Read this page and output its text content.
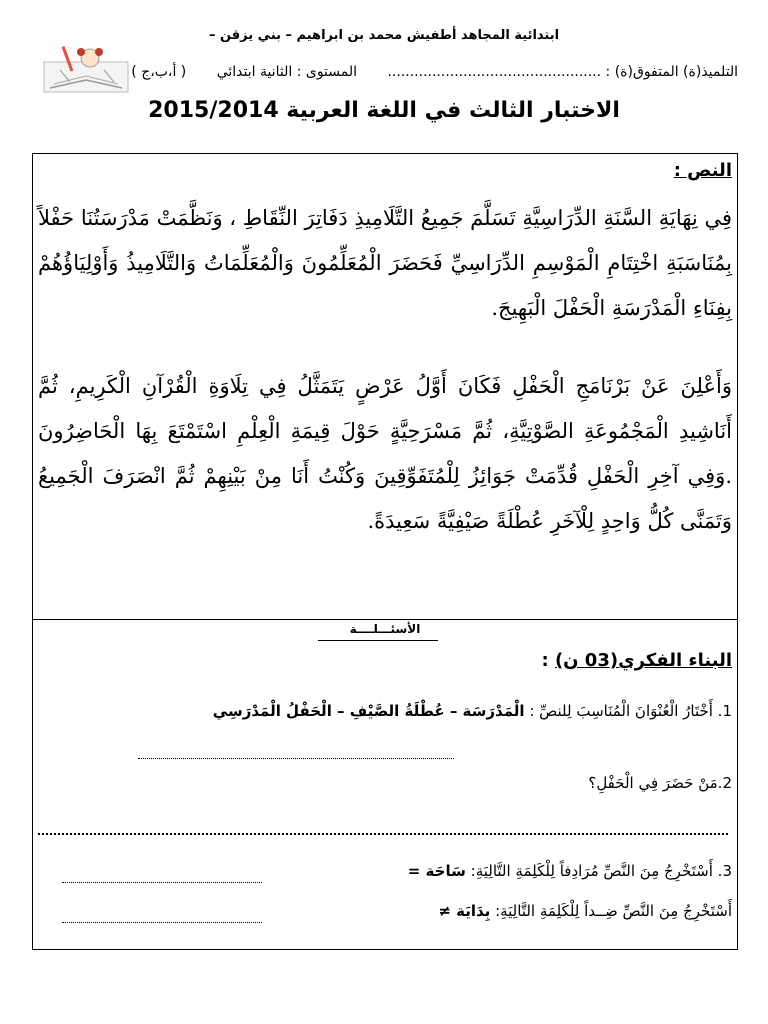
ابتدائية المجاهد أطفيش محمد بن ابراهيم – بني يزقن –
التلميذ(ة) المتفوق(ة) : ................................................ المستوى : الثانية ابتدائي ( أ،ب،ج )
الاختبار الثالث في اللغة العربية 2015/2014
النص :
فِي نِهَايَةِ السَّنَةِ الدِّرَاسِيَّةِ تَسَلَّمَ جَمِيعُ التَّلَامِيذِ دَفَاتِرَ النِّقَاطِ ، وَنَظَّمَتْ مَدْرَسَتُنَا حَفْلاً بِمُنَاسَبَةِ اخْتِتَامِ الْمَوْسِمِ الدِّرَاسِيِّ فَحَضَرَ الْمُعَلِّمُونَ وَالْمُعَلِّمَاتُ وَالتَّلَامِيذُ وَأَوْلِيَاؤُهُمْ بِفِنَاءِ الْمَدْرَسَةِ الْحَفْلَ الْبَهِيجَ.
وَأَعْلِنَ عَنْ بَرْنَامَجِ الْحَفْلِ فَكَانَ أَوَّلُ عَرْضٍ يَتَمَثَّلُ فِي تِلَاوَةِ الْقُرْآنِ الْكَرِيمِ، ثُمَّ أَنَاشِيدِ الْمَجْمُوعَةِ الصَّوْتِيَّةِ، ثُمَّ مَسْرَحِيَّةٍ حَوْلَ قِيمَةِ الْعِلْمِ اسْتَمْتَعَ بِهَا الْحَاضِرُونَ .وَفِي آخِرِ الْحَفْلِ قُدِّمَتْ جَوَائِزُ لِلْمُتَفَوِّقِينَ وَكُنْتُ أَنَا مِنْ بَيْنِهِمْ ثُمَّ انْصَرَفَ الْجَمِيعُ وَتَمَنَّى كُلُّ وَاحِدٍ لِلْآخَرِ عُطْلَةً صَيْفِيَّةً سَعِيدَةً.
الأسئـــلــــة
البناء الفكري(03 ن) :
1. أَخْتَارُ الْعُنْوَانَ الْمُنَاسِبَ لِلنصِّ : الْمَدْرَسَة – عُطْلَةُ الصَّيْفِ – الْحَفْلُ الْمَدْرَسِي
2.مَنْ حَضَرَ فِي الْحَفْلِ؟
3. أَسْتَخْرِجُ مِنَ النَّصِّ مُرَادِفاً لِلْكَلِمَةِ التَّالِيَةِ: سَاحَة =
أَسْتَخْرِجُ مِنَ النَّصِّ ضِــداً لِلْكَلِمَةِ التَّالِيَةِ: بِدَايَة ≠
